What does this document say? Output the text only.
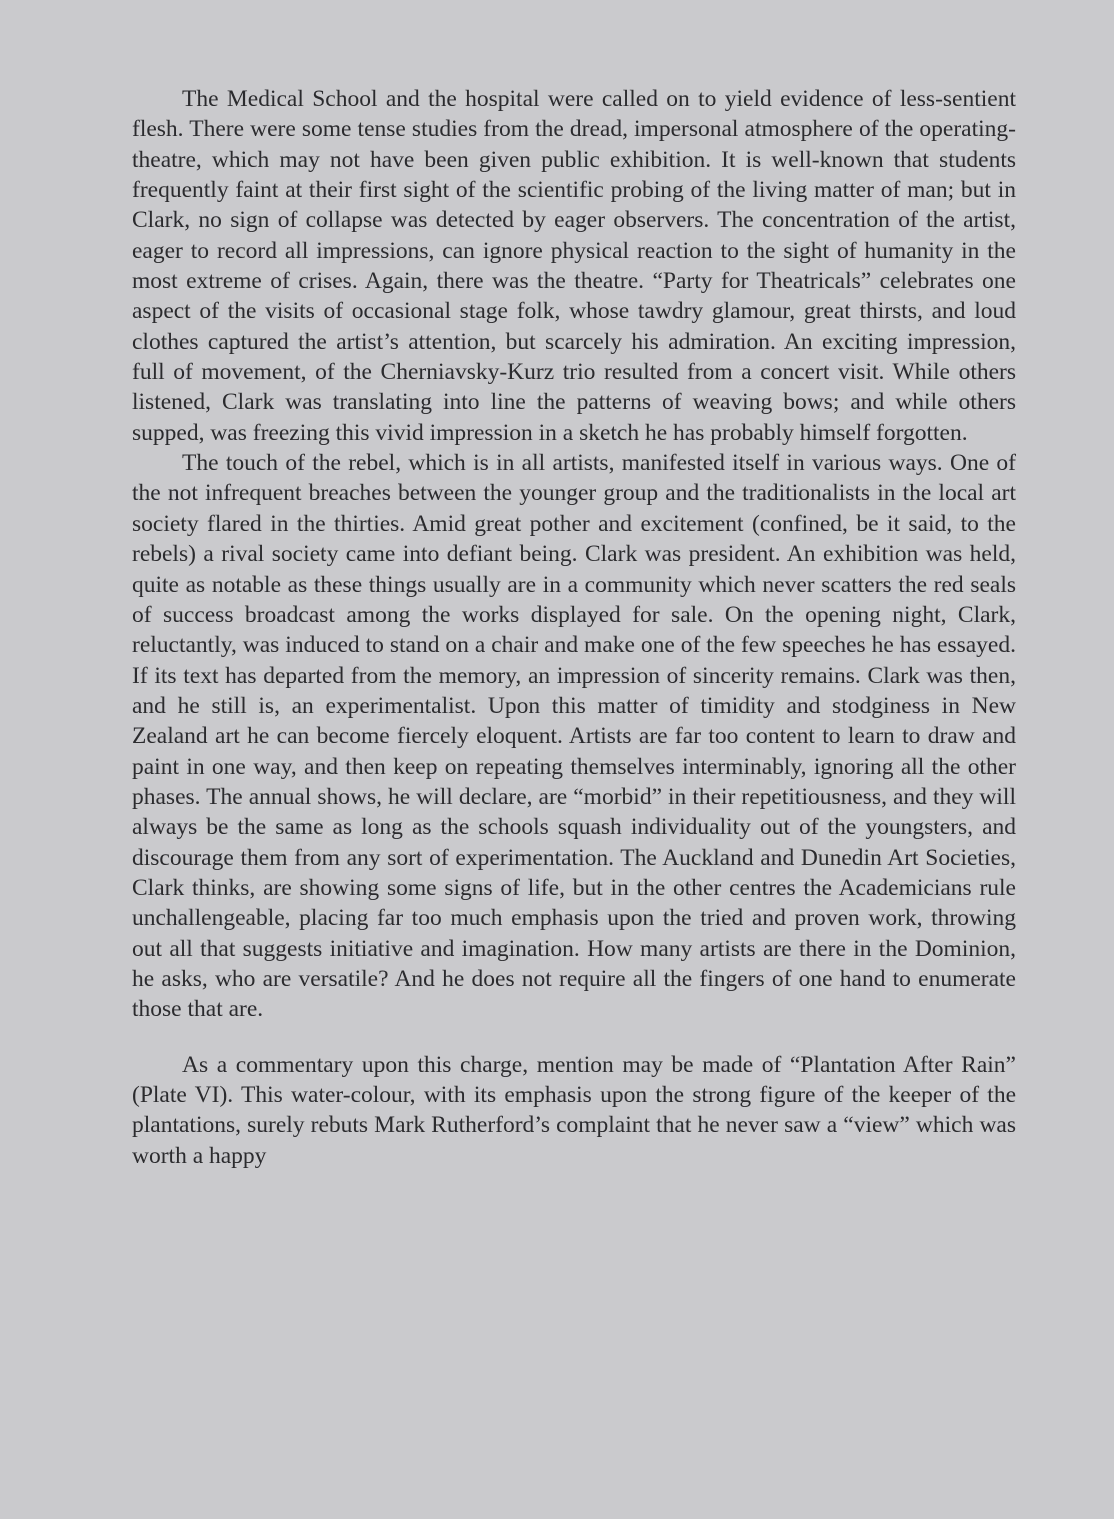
The Medical School and the hospital were called on to yield evidence of less-sentient flesh. There were some tense studies from the dread, impersonal atmosphere of the operating-theatre, which may not have been given public exhibition. It is well-known that students frequently faint at their first sight of the scientific probing of the living matter of man; but in Clark, no sign of collapse was detected by eager observers. The concentration of the artist, eager to record all impressions, can ignore physical reaction to the sight of humanity in the most extreme of crises. Again, there was the theatre. “Party for Theatricals” celebrates one aspect of the visits of occasional stage folk, whose tawdry glamour, great thirsts, and loud clothes captured the artist’s attention, but scarcely his admiration. An exciting impression, full of movement, of the Cherniavsky-Kurz trio resulted from a concert visit. While others listened, Clark was translating into line the patterns of weaving bows; and while others supped, was freezing this vivid impression in a sketch he has probably himself forgotten.

The touch of the rebel, which is in all artists, manifested itself in various ways. One of the not infrequent breaches between the younger group and the traditionalists in the local art society flared in the thirties. Amid great pother and excitement (confined, be it said, to the rebels) a rival society came into defiant being. Clark was president. An exhibition was held, quite as notable as these things usually are in a community which never scatters the red seals of success broadcast among the works displayed for sale. On the opening night, Clark, reluctantly, was induced to stand on a chair and make one of the few speeches he has essayed. If its text has departed from the memory, an impression of sincerity remains. Clark was then, and he still is, an experimentalist. Upon this matter of timidity and stodginess in New Zealand art he can become fiercely eloquent. Artists are far too content to learn to draw and paint in one way, and then keep on repeating themselves interminably, ignoring all the other phases. The annual shows, he will declare, are “morbid” in their repetitiousness, and they will always be the same as long as the schools squash individuality out of the youngsters, and discourage them from any sort of experimentation. The Auckland and Dunedin Art Societies, Clark thinks, are showing some signs of life, but in the other centres the Academicians rule unchallengeable, placing far too much emphasis upon the tried and proven work, throwing out all that suggests initiative and imagination. How many artists are there in the Dominion, he asks, who are versatile? And he does not require all the fingers of one hand to enumerate those that are.

As a commentary upon this charge, mention may be made of “Plantation After Rain” (Plate VI). This water-colour, with its emphasis upon the strong figure of the keeper of the plantations, surely rebuts Mark Rutherford’s complaint that he never saw a “view” which was worth a happy
